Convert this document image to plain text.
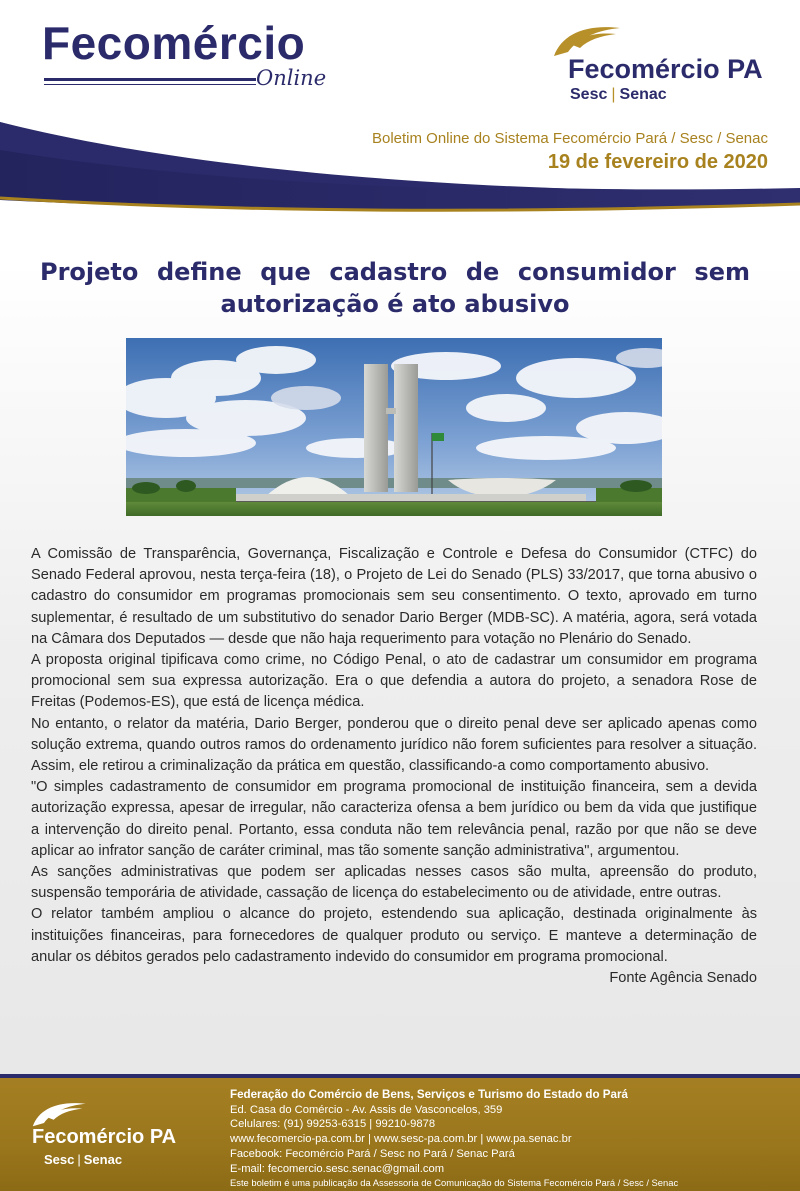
Fecomércio
Online	Fecomércio PA
Sesc | Senac
Boletim Online do Sistema Fecomércio Pará / Sesc / Senac
19 de fevereiro de 2020
Projeto define que cadastro de consumidor sem autorização é ato abusivo

A Comissão de Transparência, Governança, Fiscalização e Controle e Defesa do Consumidor (CTFC) do Senado Federal aprovou, nesta terça-feira (18), o Projeto de Lei do Senado (PLS) 33/2017, que torna abusivo o cadastro do consumidor em programas promocionais sem seu consentimento. O texto, aprovado em turno suplementar, é resultado de um substitutivo do senador Dario Berger (MDB-SC). A matéria, agora, será votada na Câmara dos Deputados — desde que não haja requerimento para votação no Plenário do Senado.

A proposta original tipificava como crime, no Código Penal, o ato de cadastrar um consumidor em programa promocional sem sua expressa autorização. Era o que defendia a autora do projeto, a senadora Rose de Freitas (Podemos-ES), que está de licença médica.

No entanto, o relator da matéria, Dario Berger, ponderou que o direito penal deve ser aplicado apenas como solução extrema, quando outros ramos do ordenamento jurídico não forem suficientes para resolver a situação. Assim, ele retirou a criminalização da prática em questão, classificando-a como comportamento abusivo.

"O simples cadastramento de consumidor em programa promocional de instituição financeira, sem a devida autorização expressa, apesar de irregular, não caracteriza ofensa a bem jurídico ou bem da vida que justifique a intervenção do direito penal. Portanto, essa conduta não tem relevância penal, razão por que não se deve aplicar ao infrator sanção de caráter criminal, mas tão somente sanção administrativa", argumentou.

As sanções administrativas que podem ser aplicadas nesses casos são multa, apreensão do produto, suspensão temporária de atividade, cassação de licença do estabelecimento ou de atividade, entre outras.

O relator também ampliou o alcance do projeto, estendendo sua aplicação, destinada originalmente às instituições financeiras, para fornecedores de qualquer produto ou serviço. E manteve a determinação de anular os débitos gerados pelo cadastramento indevido do consumidor em programa promocional.

Fonte Agência Senado

Fecomércio PA
Sesc | Senac
Federação do Comércio de Bens, Serviços e Turismo do Estado do Pará
Ed. Casa do Comércio - Av. Assis de Vasconcelos, 359
Celulares: (91) 99253-6315 | 99210-9878
www.fecomercio-pa.com.br | www.sesc-pa.com.br | www.pa.senac.br
Facebook: Fecomércio Pará / Sesc no Pará / Senac Pará
E-mail: fecomercio.sesc.senac@gmail.com
Este boletim é uma publicação da Assessoria de Comunicação do Sistema Fecomércio Pará / Sesc / Senac
